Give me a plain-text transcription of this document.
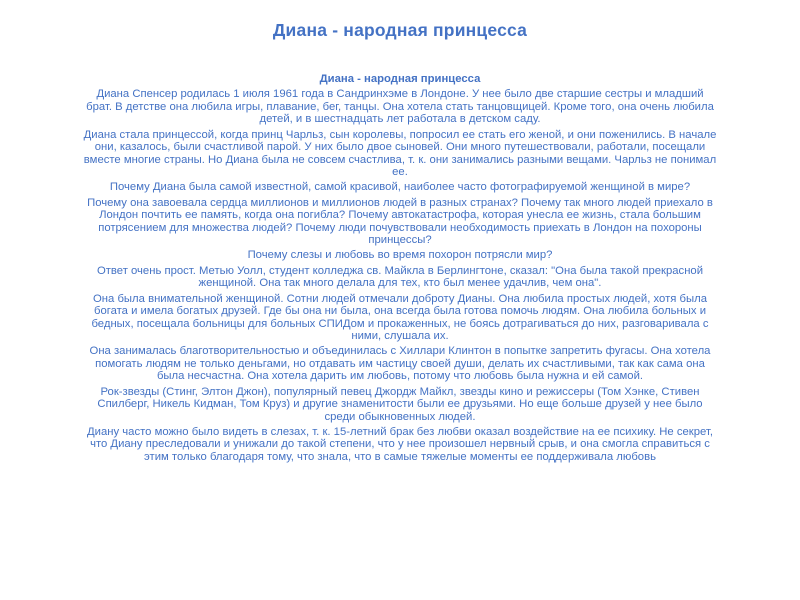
Диана - народная принцесса

Диана - народная принцесса

Диана Спенсер родилась 1 июля 1961 года в Сандринхэме в Лондоне. У нее было две старшие сестры и младший брат. В детстве она любила игры, плавание, бег, танцы. Она хотела стать танцовщицей. Кроме того, она очень любила детей, и в шестнадцать лет работала в детском саду.

Диана стала принцессой, когда принц Чарльз, сын королевы, попросил ее стать его женой, и они поженились. В начале они, казалось, были счастливой парой. У них было двое сыновей. Они много путешествовали, работали, посещали вместе многие страны. Но Диана была не совсем счастлива, т. к. они занимались разными вещами. Чарльз не понимал ее.

Почему Диана была самой известной, самой красивой, наиболее часто фотографируемой женщиной в мире?

Почему она завоевала сердца миллионов и миллионов людей в разных странах? Почему так много людей приехало в Лондон почтить ее память, когда она погибла? Почему автокатастрофа, которая унесла ее жизнь, стала большим потрясением для множества людей? Почему люди почувствовали необходимость приехать в Лондон на похороны принцессы?

Почему слезы и любовь во время похорон потрясли мир?

Ответ очень прост. Метью Уолл, студент колледжа св. Майкла в Берлингтоне, сказал: "Она была такой прекрасной женщиной. Она так много делала для тех, кто был менее удачлив, чем она".

Она была внимательной женщиной. Сотни людей отмечали доброту Дианы. Она любила простых людей, хотя была богата и имела богатых друзей. Где бы она ни была, она всегда была готова помочь людям. Она любила больных и бедных, посещала больницы для больных СПИДом и прокаженных, не боясь дотрагиваться до них, разговаривала с ними, слушала их.

Она занималась благотворительностью и объединилась с Хиллари Клинтон в попытке запретить фугасы. Она хотела помогать людям не только деньгами, но отдавать им частицу своей души, делать их счастливыми, так как сама она была несчастна. Она хотела дарить им любовь, потому что любовь была нужна и ей самой.

Рок-звезды (Стинг, Элтон Джон), популярный певец Джордж Майкл, звезды кино и режиссеры (Том Хэнке, Стивен Спилберг, Никель Кидман, Том Круз) и другие знаменитости были ее друзьями. Но еще больше друзей у нее было среди обыкновенных людей.

Диану часто можно было видеть в слезах, т. к. 15-летний брак без любви оказал воздействие на ее психику. Не секрет, что Диану преследовали и унижали до такой степени, что у нее произошел нервный срыв, и она смогла справиться с этим только благодаря тому, что знала, что в самые тяжелые моменты ее поддерживала любовь
